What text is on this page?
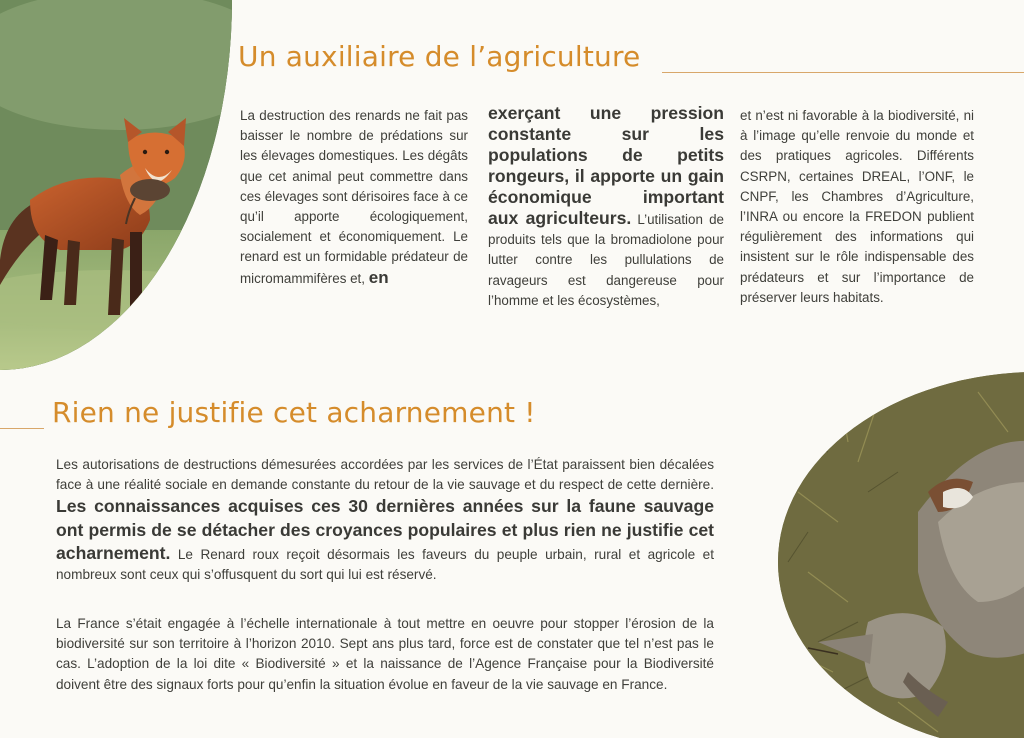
Un auxiliaire de l’agriculture

La destruction des renards ne fait pas baisser le nombre de prédations sur les élevages domestiques. Les dégâts que cet animal peut commettre dans ces élevages sont dérisoires face à ce qu’il apporte écologiquement, socialement et économiquement. Le renard est un formidable prédateur de micromammifères et, en

exerçant une pression constante sur les populations de petits rongeurs, il apporte un gain économique important
aux agriculteurs. L’utilisation de produits tels que la bromadiolone pour lutter contre les pullulations de ravageurs est dangereuse pour l’homme et les écosystèmes,

et n’est ni favorable à la biodiversité, ni à l’image qu’elle renvoie du monde et des pratiques agricoles. Différents CSRPN, certaines DREAL, l’ONF, le CNPF, les Chambres d’Agriculture, l’INRA ou encore la FREDON publient régulièrement des informations qui insistent sur le rôle indispensable des prédateurs et sur l’importance de préserver leurs habitats.

Rien ne justifie cet acharnement !

Les autorisations de destructions démesurées accordées par les services de l’État paraissent bien décalées face à une réalité sociale en demande constante du retour de la vie sauvage et du respect de cette dernière. Les connaissances acquises ces 30 dernières années sur la faune sauvage ont permis de se détacher des croyances populaires et plus rien ne justifie cet acharnement. Le Renard roux reçoit désormais les faveurs du peuple urbain, rural et agricole et nombreux sont ceux qui s’offusquent du sort qui lui est réservé.

La France s’était engagée à l’échelle internationale à tout mettre en oeuvre pour stopper l’érosion de la biodiversité sur son territoire à l’horizon 2010. Sept ans plus tard, force est de constater que tel n’est pas le cas. L’adoption de la loi dite « Biodiversité » et la naissance de l’Agence Française pour la Biodiversité doivent être des signaux forts pour qu’enfin la situation évolue en faveur de la vie sauvage en France.
